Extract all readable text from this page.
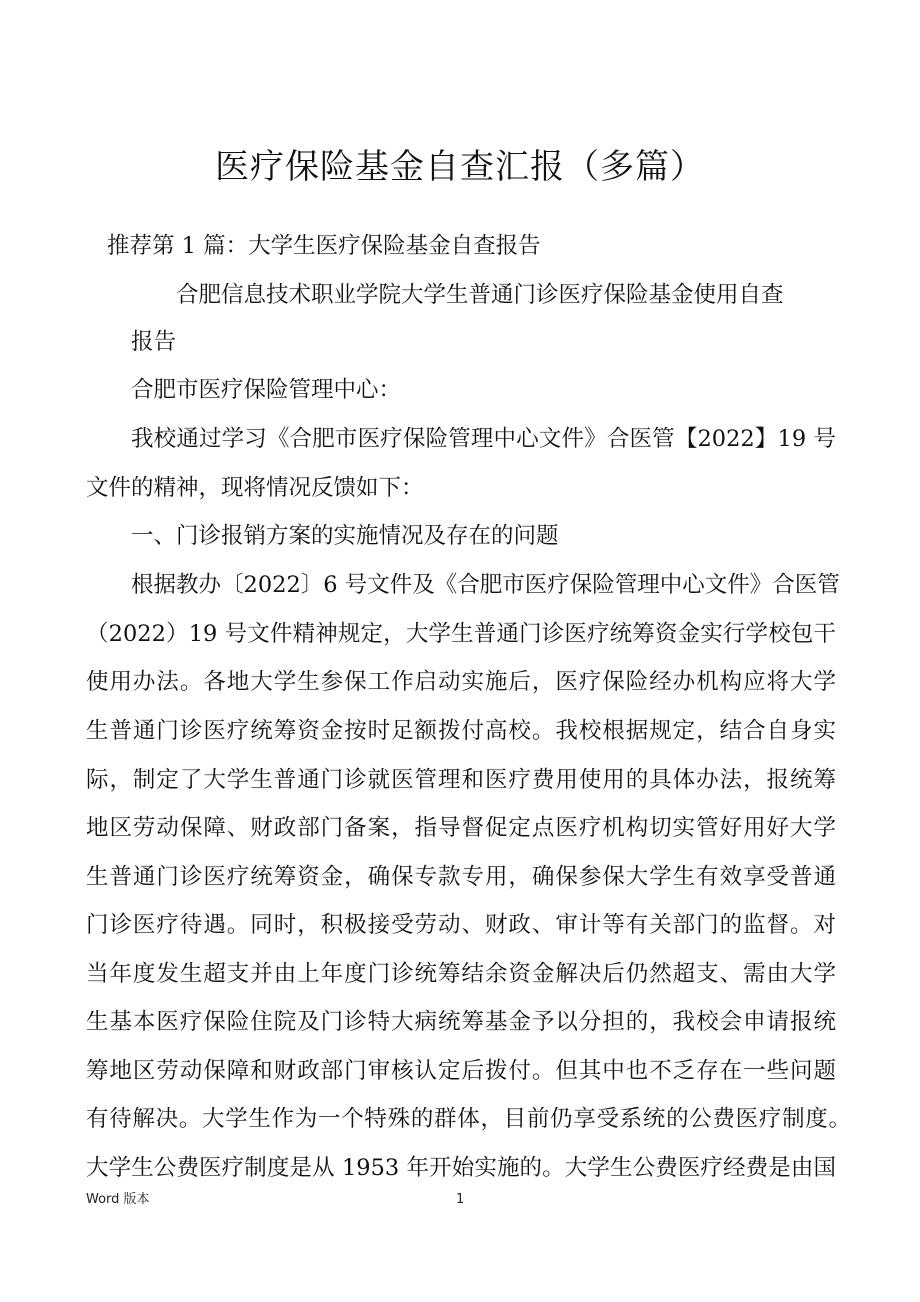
医疗保险基金自查汇报（多篇）

推荐第 1 篇：大学生医疗保险基金自查报告

合肥信息技术职业学院大学生普通门诊医疗保险基金使用自查

报告

合肥市医疗保险管理中心：

我校通过学习《合肥市医疗保险管理中心文件》合医管【2022】19 号

文件的精神，现将情况反馈如下：

一、门诊报销方案的实施情况及存在的问题

根据教办〔2022〕6 号文件及《合肥市医疗保险管理中心文件》合医管

（2022）19 号文件精神规定，大学生普通门诊医疗统筹资金实行学校包干

使用办法。各地大学生参保工作启动实施后，医疗保险经办机构应将大学

生普通门诊医疗统筹资金按时足额拨付高校。我校根据规定，结合自身实

际，制定了大学生普通门诊就医管理和医疗费用使用的具体办法，报统筹

地区劳动保障、财政部门备案，指导督促定点医疗机构切实管好用好大学

生普通门诊医疗统筹资金，确保专款专用，确保参保大学生有效享受普通

门诊医疗待遇。同时，积极接受劳动、财政、审计等有关部门的监督。对

当年度发生超支并由上年度门诊统筹结余资金解决后仍然超支、需由大学

生基本医疗保险住院及门诊特大病统筹基金予以分担的，我校会申请报统

筹地区劳动保障和财政部门审核认定后拨付。但其中也不乏存在一些问题

有待解决。大学生作为一个特殊的群体，目前仍享受系统的公费医疗制度。

大学生公费医疗制度是从 1953 年开始实施的。大学生公费医疗经费是由国

Word 版本	1
